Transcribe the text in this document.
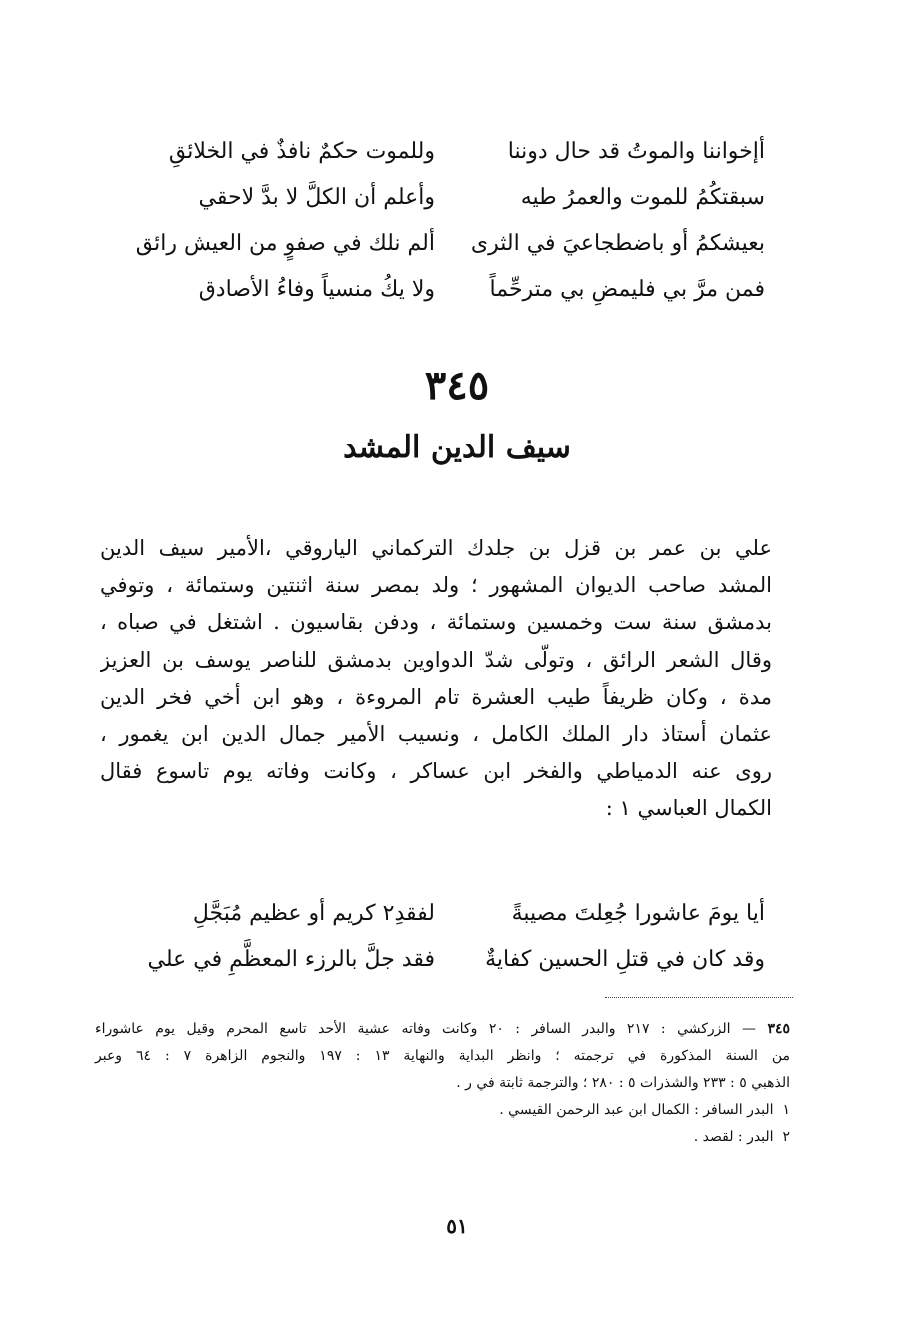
أإخواننا والموتُ قد حال دوننا
وللموت حكمٌ نافذٌ في الخلائقِ
سبقتكُمُ للموت والعمرُ طيه
وأعلم أن الكلَّ لا بدَّ لاحقي
بعيشكمُ أو باضطجاعيَ في الثرى
ألم نلك في صفوٍ من العيش رائق
فمن مرَّ بي فليمضِ بي مترحِّماً
ولا يكُ منسياً وفاءُ الأصادق
٣٤٥
سيف الدين المشد
علي بن عمر بن قزل بن جلدك التركماني الياروقي ،الأمير سيف الدين
المشد صاحب الديوان المشهور ؛ ولد بمصر سنة اثنتين وستمائة ، وتوفي
بدمشق سنة ست وخمسين وستمائة ، ودفن بقاسيون . اشتغل في صباه ،
وقال الشعر الرائق ، وتولّى شدّ الدواوين بدمشق للناصر يوسف بن العزيز
مدة ، وكان ظريفاً طيب العشرة تام المروءة ، وهو ابن أخي فخر الدين
عثمان أستاذ دار الملك الكامل ، ونسيب الأمير جمال الدين ابن يغمور ،
روى عنه الدمياطي والفخر ابن عساكر ، وكانت وفاته يوم تاسوع فقال
الكمال العباسي ١ :
أيا يومَ عاشورا جُعِلتَ مصيبةً
لفقدِ٢ كريم أو عظيم مُبَجَّلِ
وقد كان في قتلِ الحسين كفايةٌ
فقد جلَّ بالرزء المعظَّمِ في علي
٣٤٥ — الزركشي : ٢١٧ والبدر السافر : ٢٠ وكانت وفاته عشية الأحد تاسع المحرم وقيل يوم عاشوراء
من السنة المذكورة في ترجمته ؛ وانظر البداية والنهاية ١٣ : ١٩٧ والنجوم الزاهرة ٧ : ٦٤ وعبر
الذهبي ٥ : ٢٣٣ والشذرات ٥ : ٢٨٠ ؛ والترجمة ثابتة في ر .
١  البدر السافر : الكمال ابن عبد الرحمن القيسي .
٢  البدر : لقصد .
٥١
